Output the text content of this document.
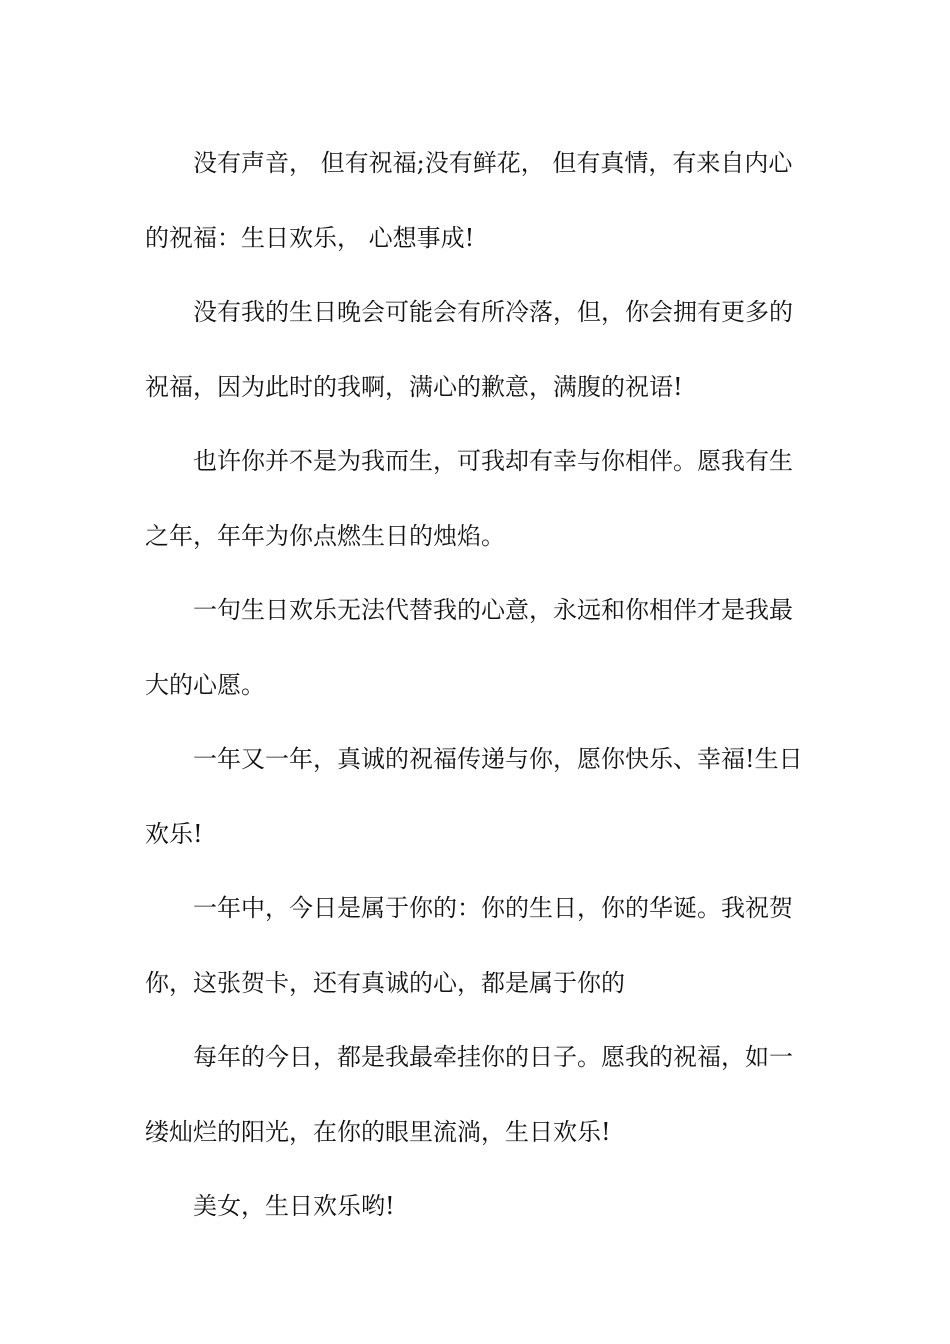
没有声音， 但有祝福;没有鲜花， 但有真情，有来自内心
的祝福：生日欢乐， 心想事成!
没有我的生日晚会可能会有所冷落，但，你会拥有更多的
祝福，因为此时的我啊，满心的歉意，满腹的祝语!
也许你并不是为我而生，可我却有幸与你相伴。愿我有生
之年，年年为你点燃生日的烛焰。
一句生日欢乐无法代替我的心意，永远和你相伴才是我最
大的心愿。
一年又一年，真诚的祝福传递与你，愿你快乐、幸福!生日
欢乐!
一年中，今日是属于你的：你的生日，你的华诞。我祝贺
你，这张贺卡，还有真诚的心，都是属于你的
每年的今日，都是我最牵挂你的日子。愿我的祝福，如一
缕灿烂的阳光，在你的眼里流淌，生日欢乐!
美女，生日欢乐哟!
